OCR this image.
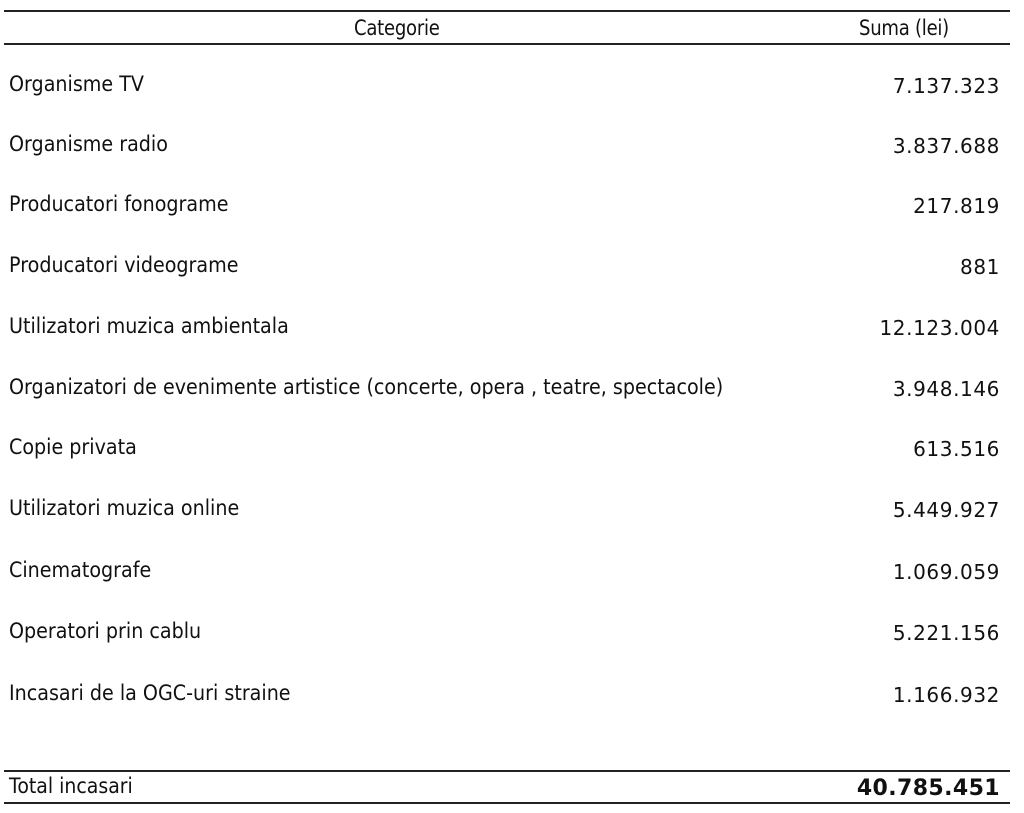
Categorie	Suma (lei)
Organisme TV	7.137.323
Organisme radio	3.837.688
Producatori fonograme	217.819
Producatori videograme	881
Utilizatori muzica ambientala	12.123.004
Organizatori de evenimente artistice (concerte, opera , teatre, spectacole)	3.948.146
Copie privata	613.516
Utilizatori muzica online	5.449.927
Cinematografe	1.069.059
Operatori prin cablu	5.221.156
Incasari de la OGC-uri straine	1.166.932
Total incasari	40.785.451
